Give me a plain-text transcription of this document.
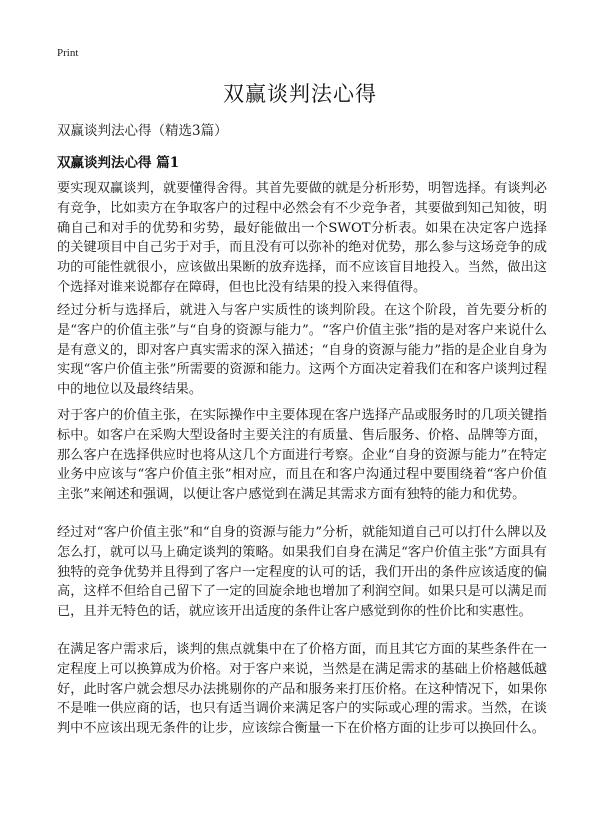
Print
双赢谈判法心得
双赢谈判法心得（精选3篇）
双赢谈判法心得 篇1

要实现双赢谈判，就要懂得舍得。其首先要做的就是分析形势，明智选择。有谈判必有竞争，比如卖方在争取客户的过程中必然会有不少竞争者，其要做到知己知彼，明确自己和对手的优势和劣势，最好能做出一个SWOT分析表。如果在决定客户选择的关键项目中自己劣于对手，而且没有可以弥补的绝对优势，那么参与这场竞争的成功的可能性就很小，应该做出果断的放弃选择，而不应该盲目地投入。当然，做出这个选择对谁来说都存在障碍，但也比没有结果的投入来得值得。

经过分析与选择后，就进入与客户实质性的谈判阶段。在这个阶段，首先要分析的是“客户的价值主张”与“自身的资源与能力”。“客户价值主张”指的是对客户来说什么是有意义的，即对客户真实需求的深入描述；“自身的资源与能力”指的是企业自身为实现“客户价值主张”所需要的资源和能力。这两个方面决定着我们在和客户谈判过程中的地位以及最终结果。

对于客户的价值主张，在实际操作中主要体现在客户选择产品或服务时的几项关键指标中。如客户在采购大型设备时主要关注的有质量、售后服务、价格、品牌等方面，那么客户在选择供应时也将从这几个方面进行考察。企业“自身的资源与能力”在特定业务中应该与“客户价值主张”相对应，而且在和客户沟通过程中要围绕着“客户价值主张”来阐述和强调，以便让客户感觉到在满足其需求方面有独特的能力和优势。

经过对“客户价值主张”和“自身的资源与能力”分析，就能知道自己可以打什么牌以及怎么打，就可以马上确定谈判的策略。如果我们自身在满足“客户价值主张”方面具有独特的竞争优势并且得到了客户一定程度的认可的话，我们开出的条件应该适度的偏高，这样不但给自己留下了一定的回旋余地也增加了利润空间。如果只是可以满足而已，且并无特色的话，就应该开出适度的条件让客户感觉到你的性价比和实惠性。

在满足客户需求后，谈判的焦点就集中在了价格方面，而且其它方面的某些条件在一定程度上可以换算成为价格。对于客户来说，当然是在满足需求的基础上价格越低越好，此时客户就会想尽办法挑剔你的产品和服务来打压价格。在这种情况下，如果你不是唯一供应商的话，也只有适当调价来满足客户的实际或心理的需求。当然，在谈判中不应该出现无条件的让步，应该综合衡量一下在价格方面的让步可以换回什么。
